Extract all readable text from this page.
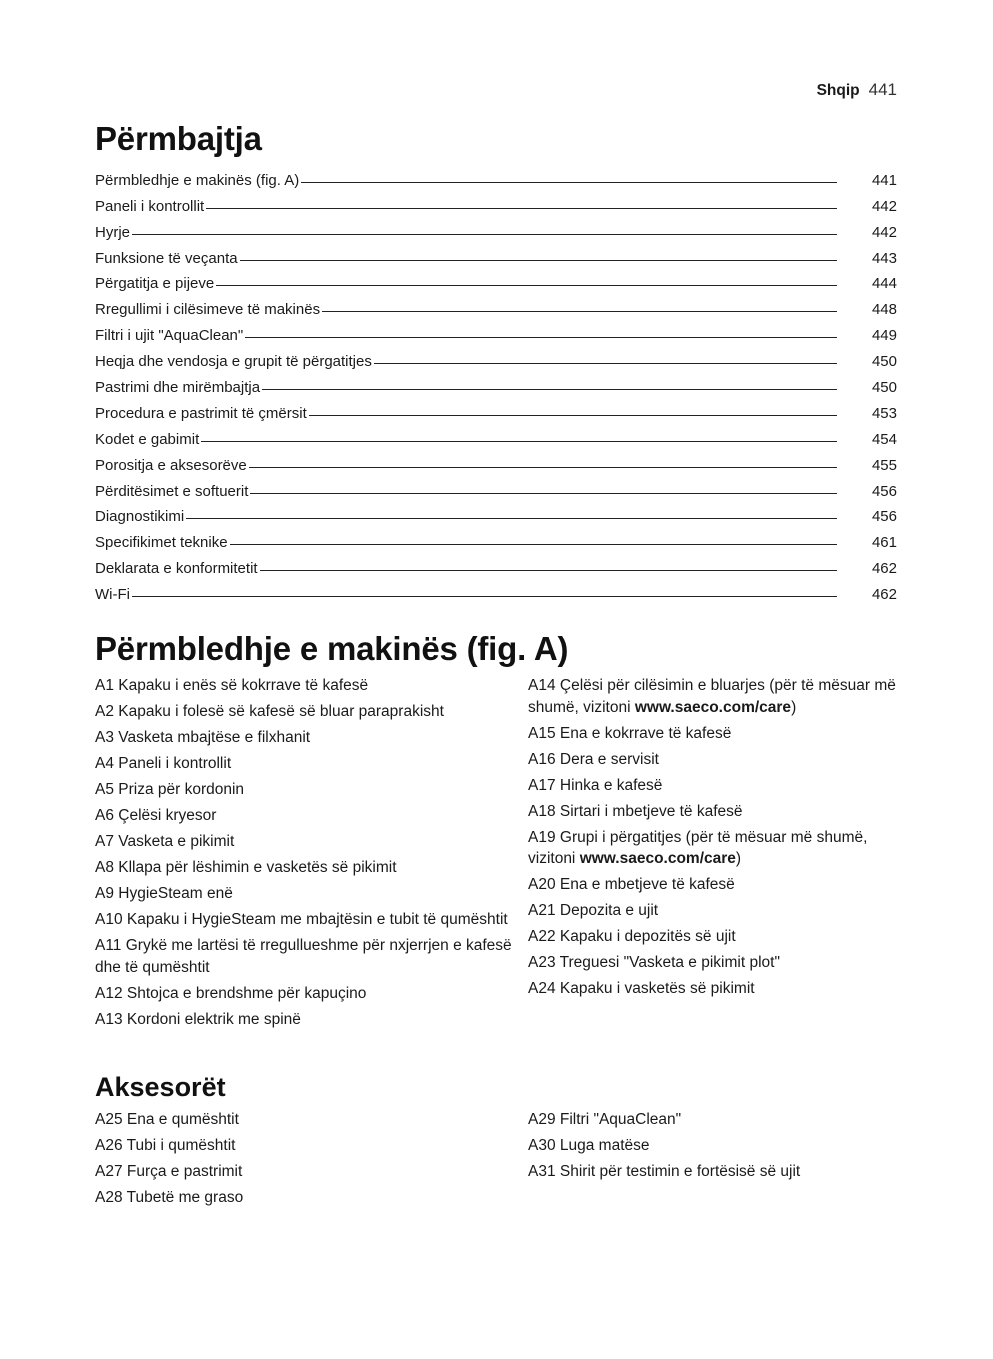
Shqip 441
Përmbajtja
Përmbledhje e makinës (fig. A)	441
Paneli i kontrollit	442
Hyrje	442
Funksione të veçanta	443
Përgatitja e pijeve	444
Rregullimi i cilësimeve të makinës	448
Filtri i ujit "AquaClean"	449
Heqja dhe vendosja e grupit të përgatitjes	450
Pastrimi dhe mirëmbajtja	450
Procedura e pastrimit të çmërsit	453
Kodet e gabimit	454
Porositja e aksesorëve	455
Përditësimet e softuerit	456
Diagnostikimi	456
Specifikimet teknike	461
Deklarata e konformitetit	462
Wi-Fi	462
Përmbledhje e makinës (fig. A)
A1 Kapaku i enës së kokrrave të kafesë
A2 Kapaku i folesë së kafesë së bluar paraprakisht
A3 Vasketa mbajtëse e filxhanit
A4 Paneli i kontrollit
A5 Priza për kordonin
A6 Çelësi kryesor
A7 Vasketa e pikimit
A8 Kllapa për lëshimin e vasketës së pikimit
A9 HygieSteam enë
A10 Kapaku i HygieSteam me mbajtësin e tubit të qumështit
A11 Grykë me lartësi të rregullueshme për nxjerrjen e kafesë dhe të qumështit
A12 Shtojca e brendshme për kapuçino
A13 Kordoni elektrik me spinë
A14 Çelësi për cilësimin e bluarjes (për të mësuar më shumë, vizitoni www.saeco.com/care)
A15 Ena e kokrrave të kafesë
A16 Dera e servisit
A17 Hinka e kafesë
A18 Sirtari i mbetjeve të kafesë
A19 Grupi i përgatitjes (për të mësuar më shumë, vizitoni www.saeco.com/care)
A20 Ena e mbetjeve të kafesë
A21 Depozita e ujit
A22 Kapaku i depozitës së ujit
A23 Treguesi "Vasketa e pikimit plot"
A24 Kapaku i vasketës së pikimit
Aksesorët
A25 Ena e qumështit
A26 Tubi i qumështit
A27 Furça e pastrimit
A28 Tubetë me graso
A29 Filtri "AquaClean"
A30 Luga matëse
A31 Shirit për testimin e fortësisë së ujit
